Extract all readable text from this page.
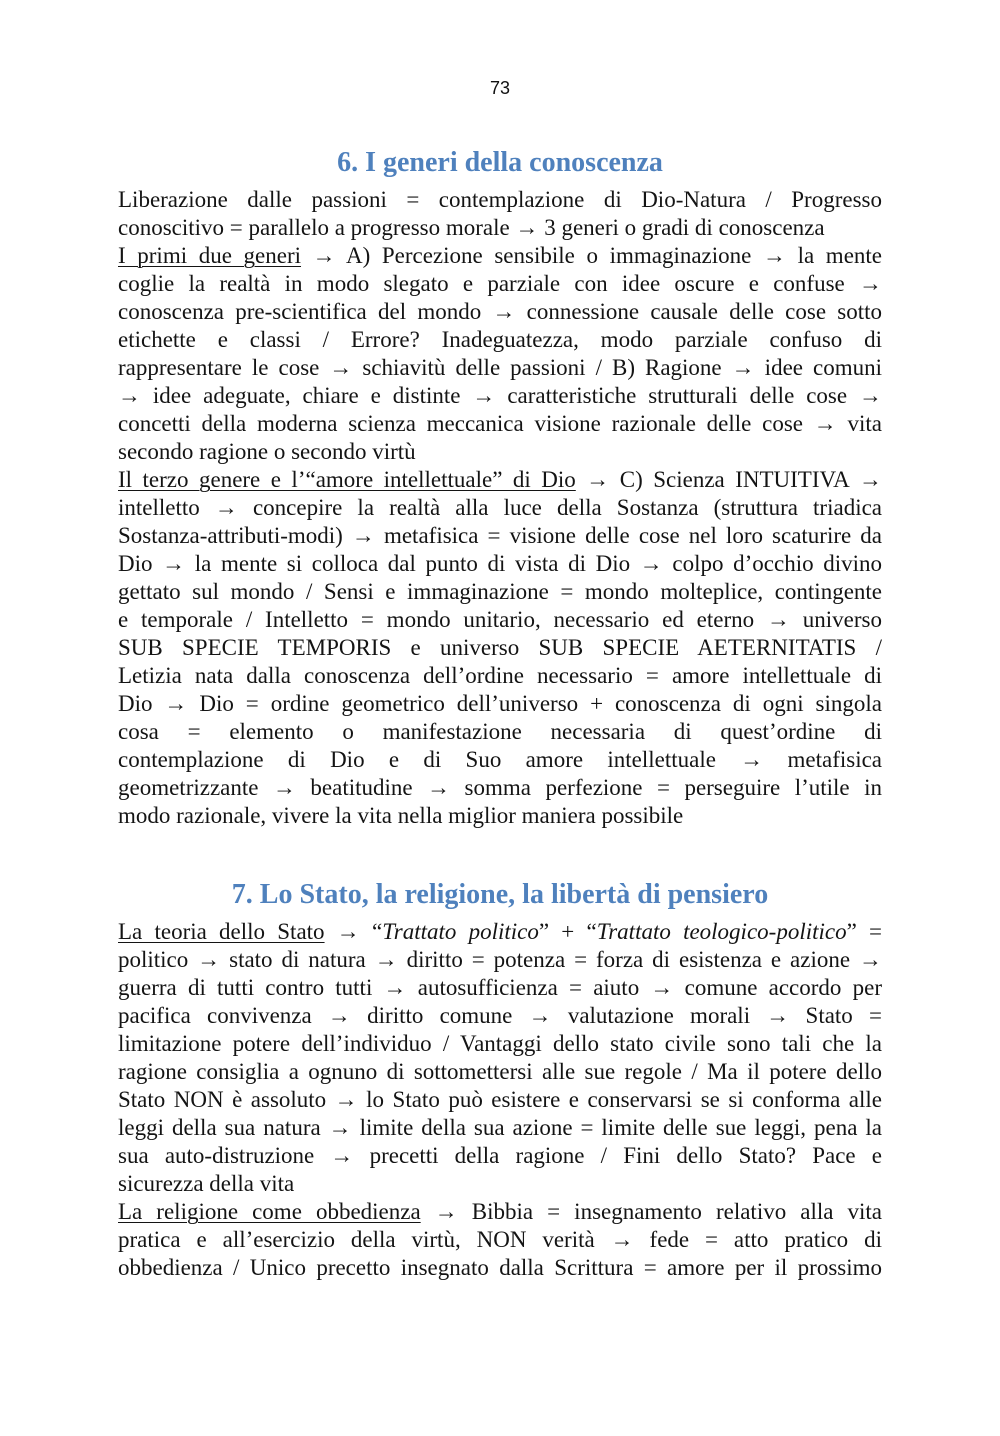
73
6. I generi della conoscenza
Liberazione dalle passioni = contemplazione di Dio-Natura / Progresso
conoscitivo = parallelo a progresso morale → 3 generi o gradi di conoscenza
I primi due generi → A) Percezione sensibile o immaginazione → la mente
coglie la realtà in modo slegato e parziale con idee oscure e confuse →
conoscenza pre-scientifica del mondo → connessione causale delle cose sotto
etichette e classi / Errore? Inadeguatezza, modo parziale confuso di
rappresentare le cose → schiavitù delle passioni / B) Ragione → idee comuni
→ idee adeguate, chiare e distinte → caratteristiche strutturali delle cose →
concetti della moderna scienza meccanica visione razionale delle cose → vita
secondo ragione o secondo virtù
Il terzo genere e l’“amore intellettuale” di Dio → C) Scienza INTUITIVA →
intelletto → concepire la realtà alla luce della Sostanza (struttura triadica
Sostanza-attributi-modi) → metafisica = visione delle cose nel loro scaturire da
Dio → la mente si colloca dal punto di vista di Dio → colpo d’occhio divino
gettato sul mondo / Sensi e immaginazione = mondo molteplice, contingente
e temporale / Intelletto = mondo unitario, necessario ed eterno → universo
SUB SPECIE TEMPORIS e universo SUB SPECIE AETERNITATIS /
Letizia nata dalla conoscenza dell’ordine necessario = amore intellettuale di
Dio → Dio = ordine geometrico dell’universo + conoscenza di ogni singola
cosa = elemento o manifestazione necessaria di quest’ordine di
contemplazione di Dio e di Suo amore intellettuale → metafisica
geometrizzante → beatitudine → somma perfezione = perseguire l’utile in
modo razionale, vivere la vita nella miglior maniera possibile
7. Lo Stato, la religione, la libertà di pensiero
La teoria dello Stato → “Trattato politico” + “Trattato teologico-politico” =
politico → stato di natura → diritto = potenza = forza di esistenza e azione →
guerra di tutti contro tutti → autosufficienza = aiuto → comune accordo per
pacifica convivenza → diritto comune → valutazione morali → Stato =
limitazione potere dell’individuo / Vantaggi dello stato civile sono tali che la
ragione consiglia a ognuno di sottomettersi alle sue regole / Ma il potere dello
Stato NON è assoluto → lo Stato può esistere e conservarsi se si conforma alle
leggi della sua natura → limite della sua azione = limite delle sue leggi, pena la
sua auto-distruzione → precetti della ragione / Fini dello Stato? Pace e
sicurezza della vita
La religione come obbedienza → Bibbia = insegnamento relativo alla vita
pratica e all’esercizio della virtù, NON verità → fede = atto pratico di
obbedienza / Unico precetto insegnato dalla Scrittura = amore per il prossimo
